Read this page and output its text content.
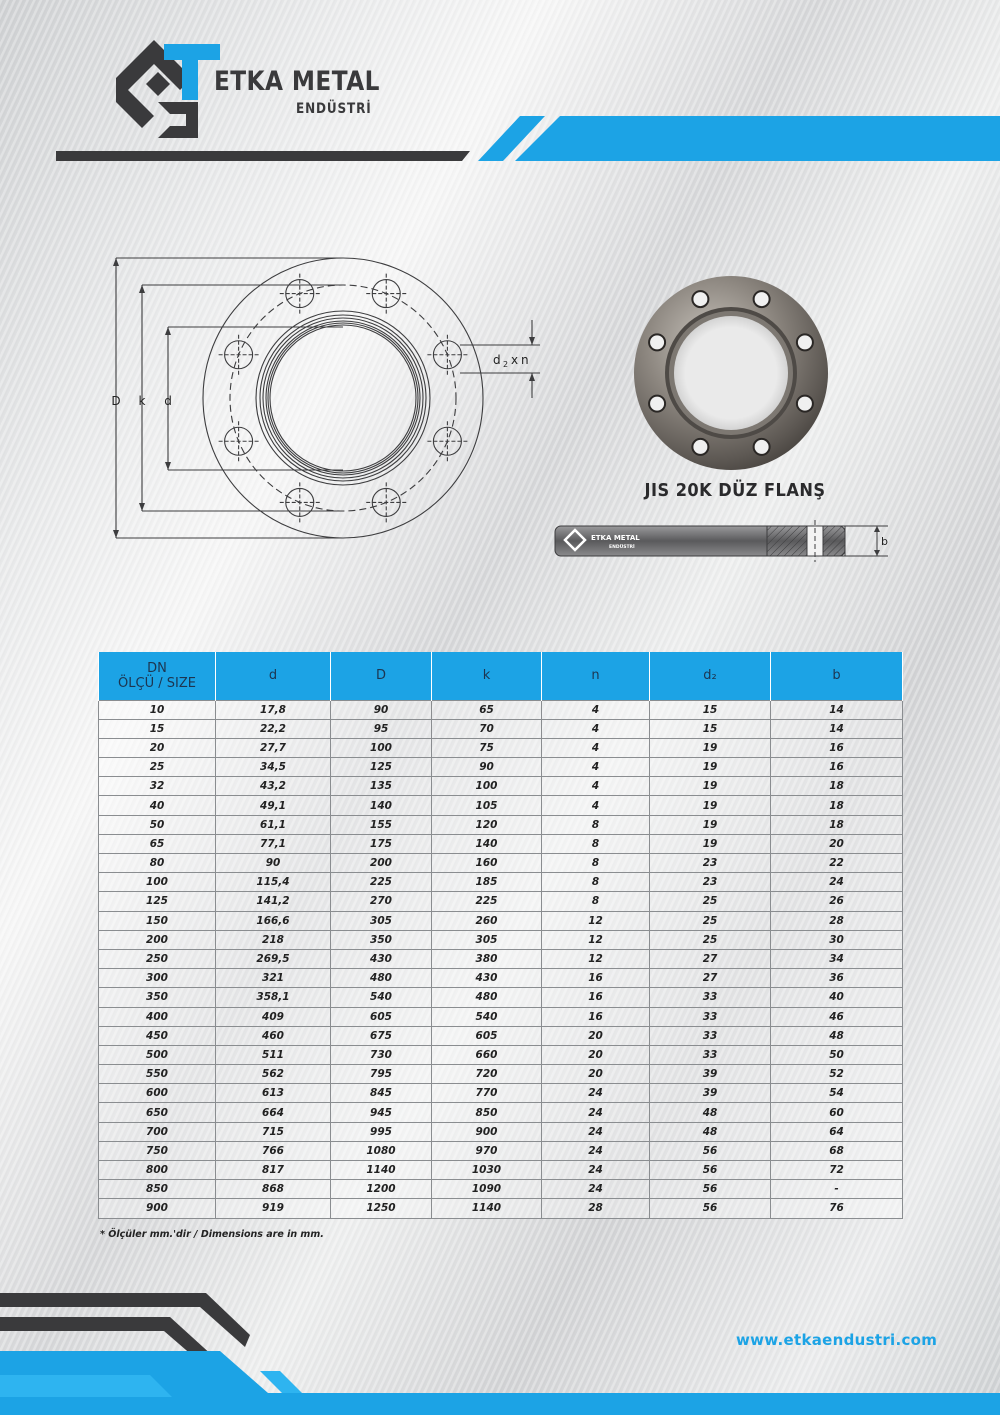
ETKA METAL
ENDÜSTRİ
D k d
d 2 x n
JIS 20K DÜZ FLANŞ
b
ETKA METAL
ENDÜSTRİ
DN
ÖLÇÜ / SIZE	d	D	k	n	d₂	b
10	17,8	90	65	4	15	14
15	22,2	95	70	4	15	14
20	27,7	100	75	4	19	16
25	34,5	125	90	4	19	16
32	43,2	135	100	4	19	18
40	49,1	140	105	4	19	18
50	61,1	155	120	8	19	18
65	77,1	175	140	8	19	20
80	90	200	160	8	23	22
100	115,4	225	185	8	23	24
125	141,2	270	225	8	25	26
150	166,6	305	260	12	25	28
200	218	350	305	12	25	30
250	269,5	430	380	12	27	34
300	321	480	430	16	27	36
350	358,1	540	480	16	33	40
400	409	605	540	16	33	46
450	460	675	605	20	33	48
500	511	730	660	20	33	50
550	562	795	720	20	39	52
600	613	845	770	24	39	54
650	664	945	850	24	48	60
700	715	995	900	24	48	64
750	766	1080	970	24	56	68
800	817	1140	1030	24	56	72
850	868	1200	1090	24	56	-
900	919	1250	1140	28	56	76
* Ölçüler mm.'dir / Dimensions are in mm.
www.etkaendustri.com
